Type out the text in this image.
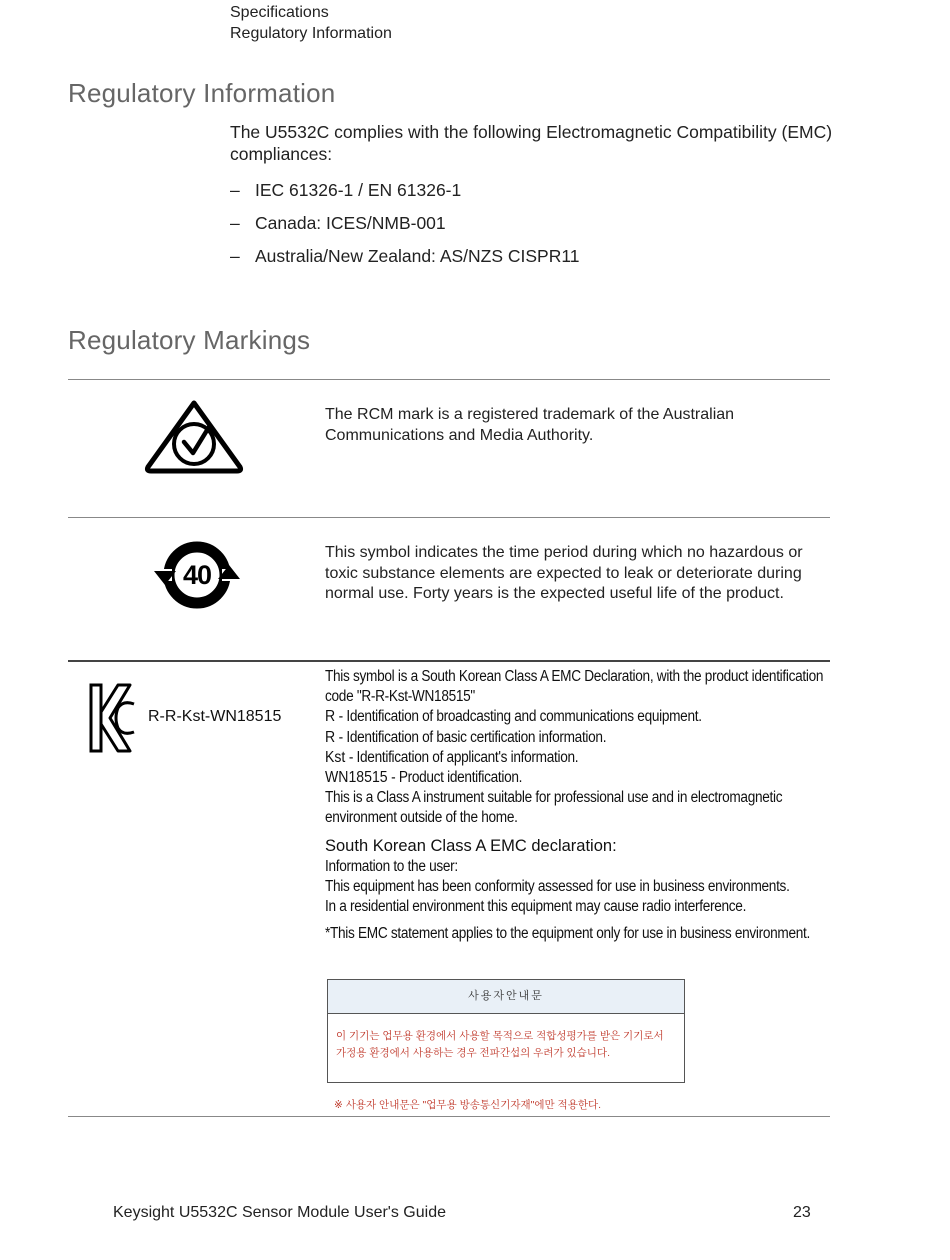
Specifications
Regulatory Information
Regulatory Information
The U5532C complies with the following Electromagnetic Compatibility (EMC) compliances:
– IEC 61326-1 / EN 61326-1
– Canada: ICES/NMB-001
– Australia/New Zealand: AS/NZS CISPR11
Regulatory Markings
The RCM mark is a registered trademark of the Australian Communications and Media Authority.
40
This symbol indicates the time period during which no hazardous or toxic substance elements are expected to leak or deteriorate during normal use. Forty years is the expected useful life of the product.
R-R-Kst-WN18515
This symbol is a South Korean Class A EMC Declaration, with the product identification code "R-R-Kst-WN18515"
R - Identification of broadcasting and communications equipment.
R - Identification of basic certification information.
Kst - Identification of applicant's information.
WN18515 - Product identification.
This is a Class A instrument suitable for professional use and in electromagnetic environment outside of the home.
South Korean Class A EMC declaration:
Information to the user:
This equipment has been conformity assessed for use in business environments.
In a residential environment this equipment may cause radio interference.
*This EMC statement applies to the equipment only for use in business environment.
사용자안내문
이 기기는 업무용 환경에서 사용할 목적으로 적합성평가를 받은 기기로서
가정용 환경에서 사용하는 경우 전파간섭의 우려가 있습니다.
※ 사용자 안내문은 "업무용 방송통신기자재"에만 적용한다.
Keysight U5532C Sensor Module User's Guide	23
